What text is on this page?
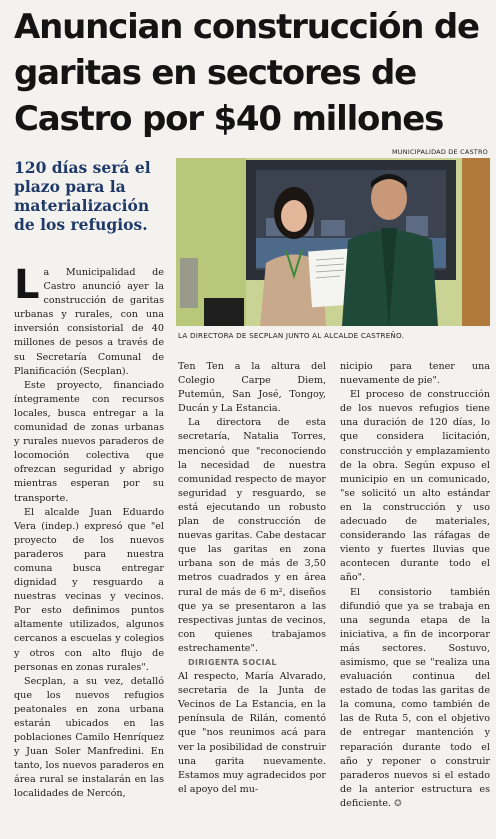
Anuncian construcción de garitas en sectores de Castro por $40 millones
120 días será el plazo para la materialización de los refugios.
MUNICIPALIDAD DE CASTRO
LA DIRECTORA DE SECPLAN JUNTO AL ALCALDE CASTREÑO.

La Municipalidad de Castro anunció ayer la construcción de garitas urbanas y rurales, con una inversión consistorial de 40 millones de pesos a través de su Secretaría Comunal de Planificación (Secplan).

Este proyecto, financiado íntegramente con recursos locales, busca entregar a la comunidad de zonas urbanas y rurales nuevos paraderos de locomoción colectiva que ofrezcan seguridad y abrigo mientras esperan por su transporte.

El alcalde Juan Eduardo Vera (indep.) expresó que "el proyecto de los nuevos paraderos para nuestra comuna busca entregar dignidad y resguardo a nuestras vecinas y vecinos. Por esto definimos puntos altamente utilizados, algunos cercanos a escuelas y colegios y otros con alto flujo de personas en zonas rurales".

Secplan, a su vez, detalló que los nuevos refugios peatonales en zona urbana estarán ubicados en las poblaciones Camilo Henríquez y Juan Soler Manfredini. En tanto, los nuevos paraderos en área rural se instalarán en las localidades de Nercón,

Ten Ten a la altura del Colegio Carpe Diem, Putemún, San José, Tongoy, Ducán y La Estancia.

La directora de esta secretaría, Natalia Torres, mencionó que "reconociendo la necesidad de nuestra comunidad respecto de mayor seguridad y resguardo, se está ejecutando un robusto plan de construcción de nuevas garitas. Cabe destacar que las garitas en zona urbana son de más de 3,50 metros cuadrados y en área rural de más de 6 m², diseños que ya se presentaron a las respectivas juntas de vecinos, con quienes trabajamos estrechamente".

DIRIGENTA SOCIAL

Al respecto, María Alvarado, secretaria de la Junta de Vecinos de La Estancia, en la península de Rilán, comentó que "nos reunimos acá para ver la posibilidad de construir una garita nuevamente. Estamos muy agradecidos por el apoyo del mu-

nicipio para tener una nuevamente de pie".

El proceso de construcción de los nuevos refugios tiene una duración de 120 días, lo que considera licitación, construcción y emplazamiento de la obra. Según expuso el municipio en un comunicado, "se solicitó un alto estándar en la construcción y uso adecuado de materiales, considerando las ráfagas de viento y fuertes lluvias que acontecen durante todo el año".

El consistorio también difundió que ya se trabaja en una segunda etapa de la iniciativa, a fin de incorporar más sectores. Sostuvo, asimismo, que se "realiza una evaluación continua del estado de todas las garitas de la comuna, como también de las de Ruta 5, con el objetivo de entregar mantención y reparación durante todo el año y reponer o construir paraderos nuevos si el estado de la anterior estructura es deficiente. ✪
